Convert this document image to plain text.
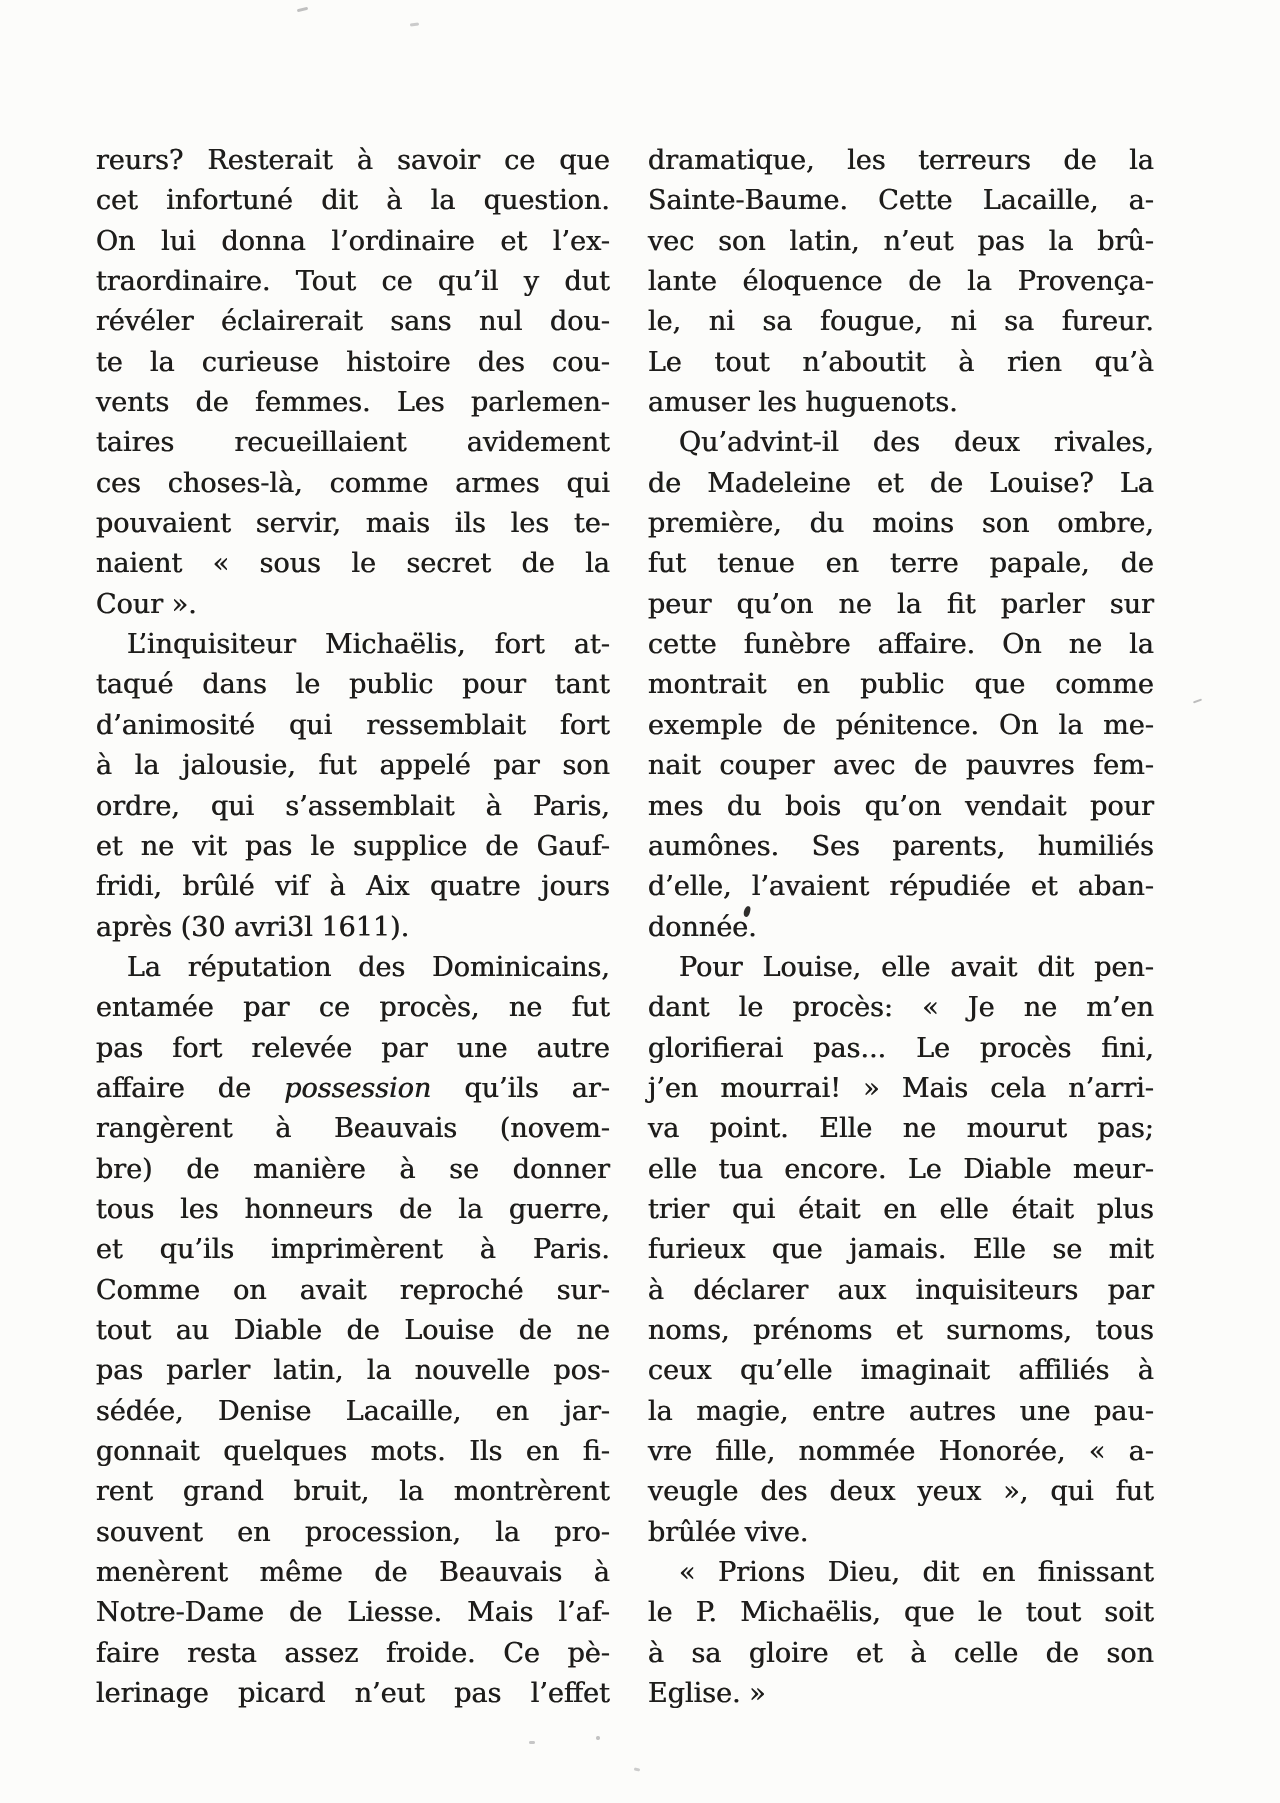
reurs? Resterait à savoir ce que
cet infortuné dit à la question.
On lui donna l’ordinaire et l’ex-
traordinaire. Tout ce qu’il y dut
révéler éclairerait sans nul dou-
te la curieuse histoire des cou-
vents de femmes. Les parlemen-
taires recueillaient avidement
ces choses-là, comme armes qui
pouvaient servir, mais ils les te-
naient « sous le secret de la
Cour ».
L’inquisiteur Michaëlis, fort at-
taqué dans le public pour tant
d’animosité qui ressemblait fort
à la jalousie, fut appelé par son
ordre, qui s’assemblait à Paris,
et ne vit pas le supplice de Gauf-
fridi, brûlé vif à Aix quatre jours
après (30 avri3l 1611).
La réputation des Dominicains,
entamée par ce procès, ne fut
pas fort relevée par une autre
affaire de possession qu’ils ar-
rangèrent à Beauvais (novem-
bre) de manière à se donner
tous les honneurs de la guerre,
et qu’ils imprimèrent à Paris.
Comme on avait reproché sur-
tout au Diable de Louise de ne
pas parler latin, la nouvelle pos-
sédée, Denise Lacaille, en jar-
gonnait quelques mots. Ils en fi-
rent grand bruit, la montrèrent
souvent en procession, la pro-
menèrent même de Beauvais à
Notre-Dame de Liesse. Mais l’af-
faire resta assez froide. Ce pè-
lerinage picard n’eut pas l’effet
dramatique, les terreurs de la
Sainte-Baume. Cette Lacaille, a-
vec son latin, n’eut pas la brû-
lante éloquence de la Provença-
le, ni sa fougue, ni sa fureur.
Le tout n’aboutit à rien qu’à
amuser les huguenots.
Qu’advint-il des deux rivales,
de Madeleine et de Louise? La
première, du moins son ombre,
fut tenue en terre papale, de
peur qu’on ne la fit parler sur
cette funèbre affaire. On ne la
montrait en public que comme
exemple de pénitence. On la me-
nait couper avec de pauvres fem-
mes du bois qu’on vendait pour
aumônes. Ses parents, humiliés
d’elle, l’avaient répudiée et aban-
donnée.
Pour Louise, elle avait dit pen-
dant le procès: « Je ne m’en
glorifierai pas... Le procès fini,
j’en mourrai! » Mais cela n’arri-
va point. Elle ne mourut pas;
elle tua encore. Le Diable meur-
trier qui était en elle était plus
furieux que jamais. Elle se mit
à déclarer aux inquisiteurs par
noms, prénoms et surnoms, tous
ceux qu’elle imaginait affiliés à
la magie, entre autres une pau-
vre fille, nommée Honorée, « a-
veugle des deux yeux », qui fut
brûlée vive.
« Prions Dieu, dit en finissant
le P. Michaëlis, que le tout soit
à sa gloire et à celle de son
Eglise. »
